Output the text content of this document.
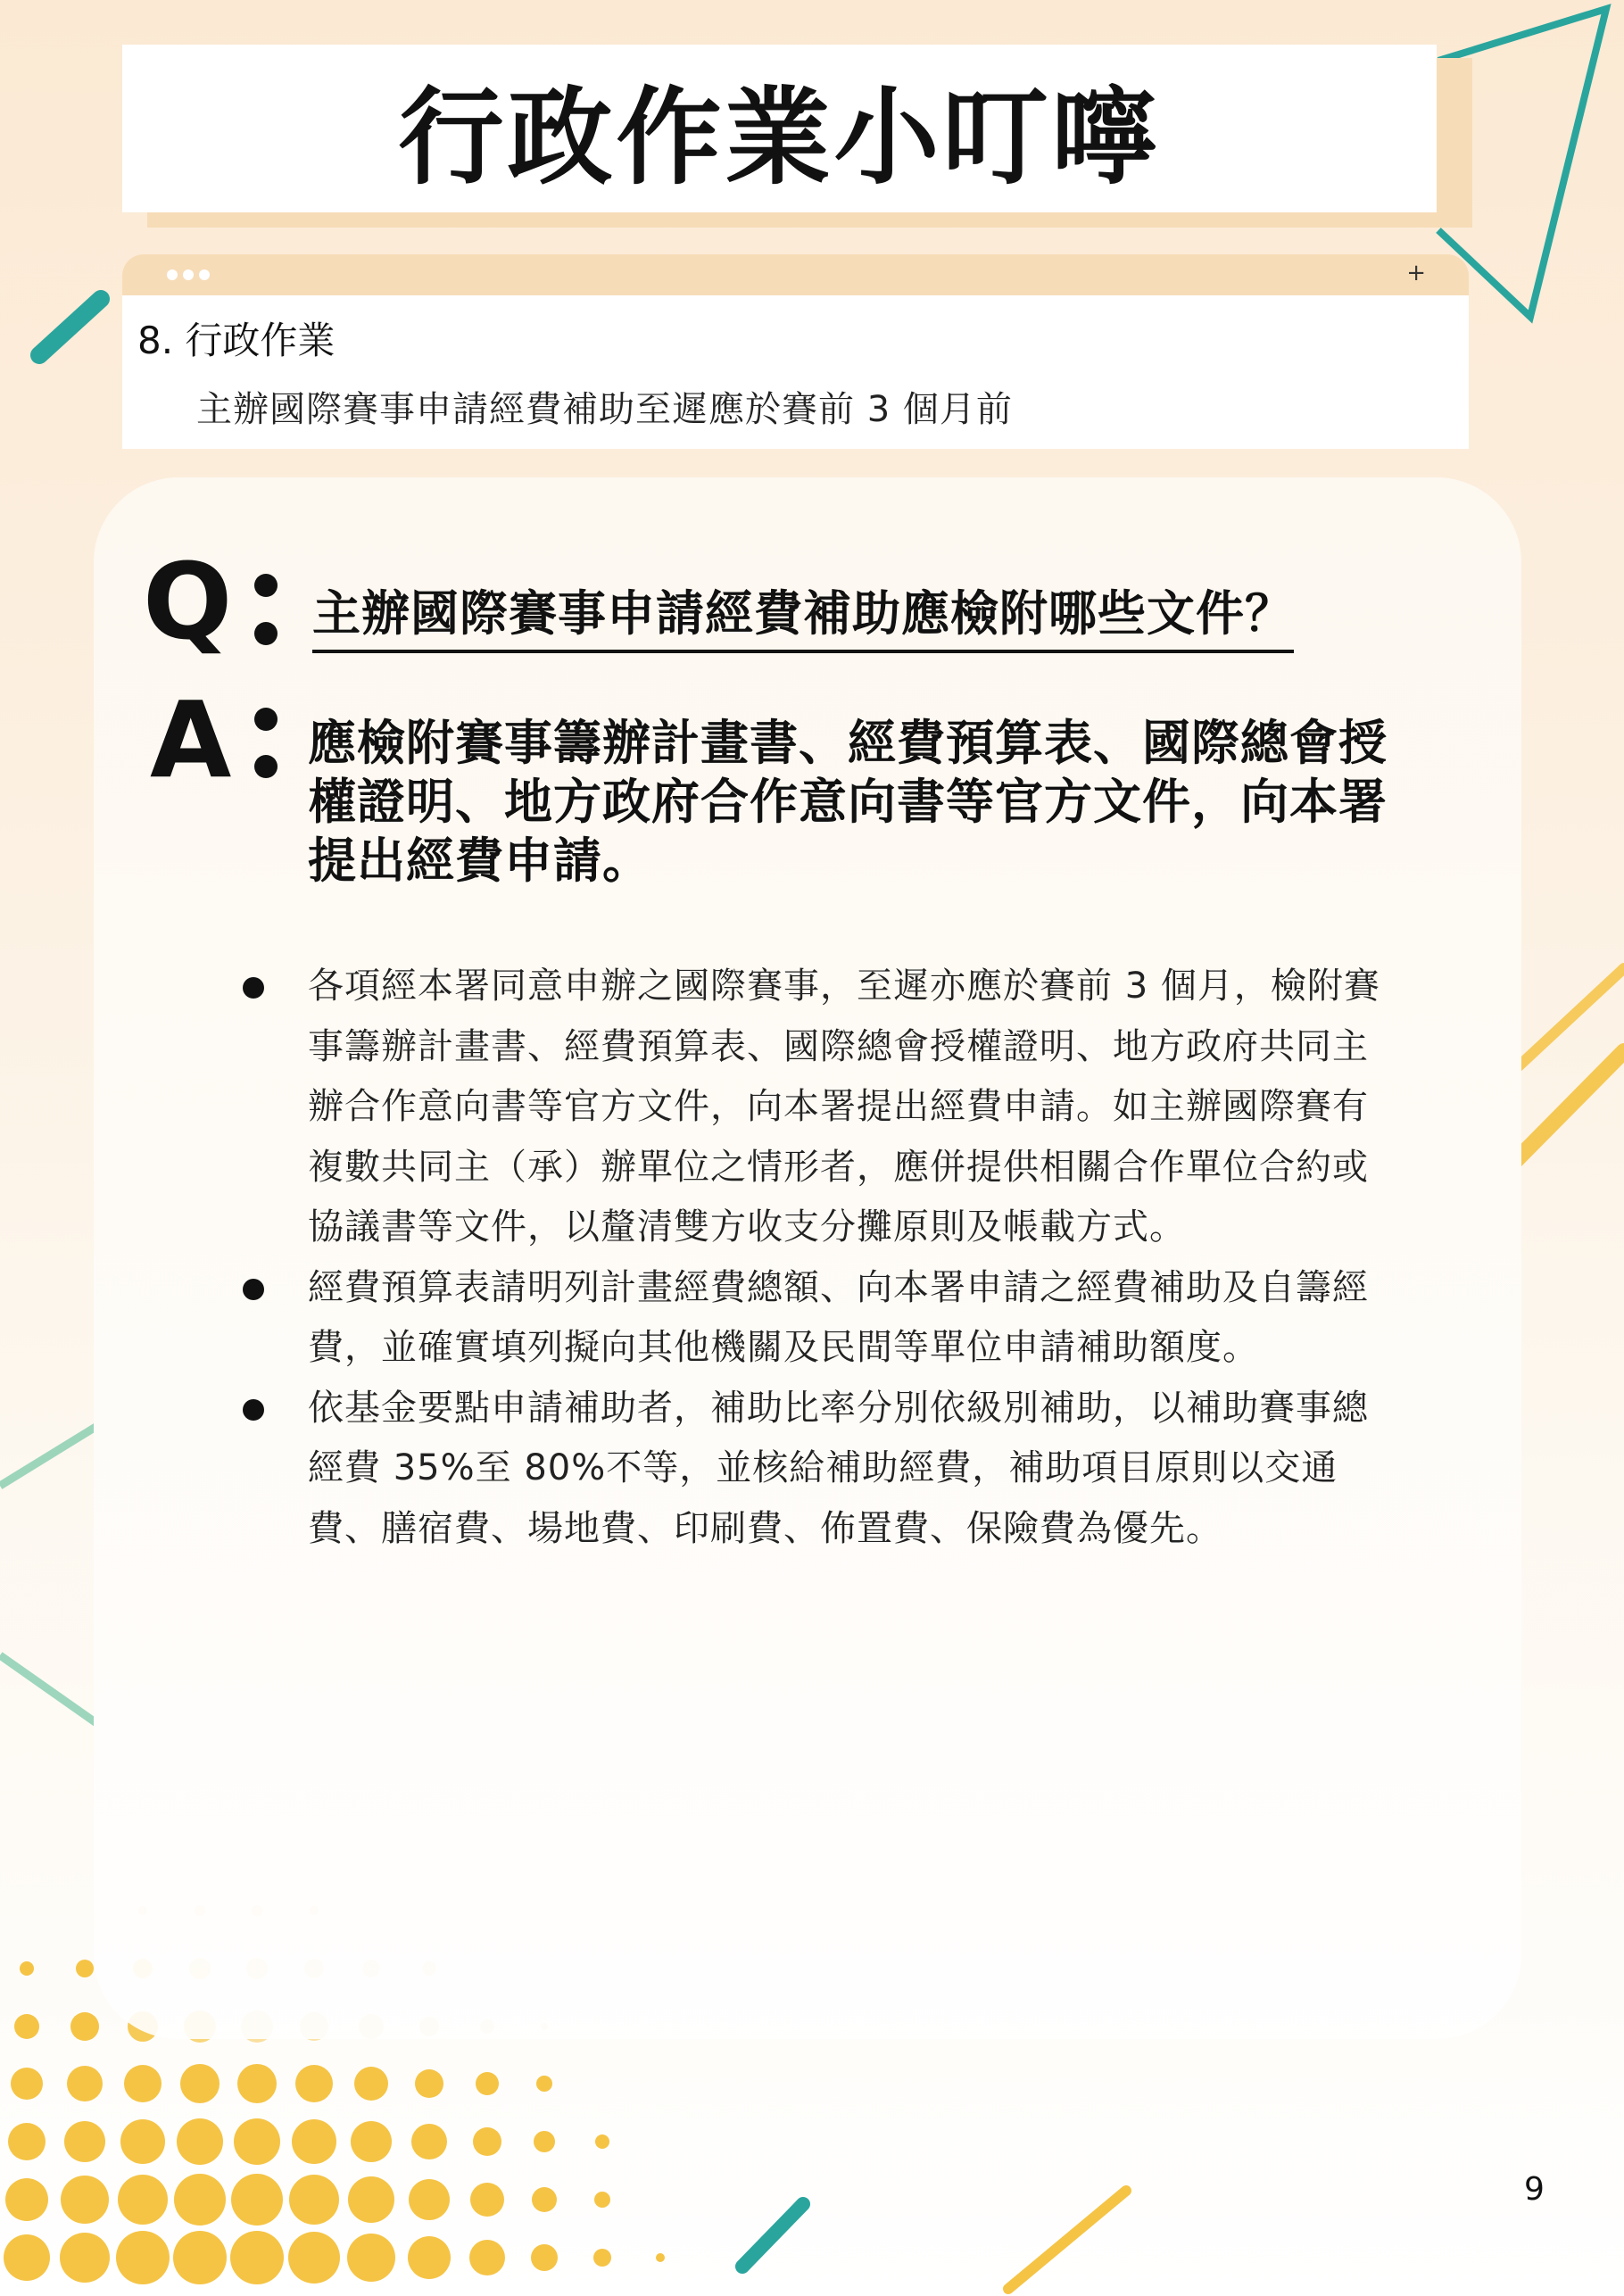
行政作業小叮嚀
+
8. 行政作業
主辦國際賽事申請經費補助至遲應於賽前 3 個月前
Q 主辦國際賽事申請經費補助應檢附哪些文件？
A 應檢附賽事籌辦計畫書、經費預算表、國際總會授權證明、地方政府合作意向書等官方文件，向本署提出經費申請。
各項經本署同意申辦之國際賽事，至遲亦應於賽前 3 個月，檢附賽事籌辦計畫書、經費預算表、國際總會授權證明、地方政府共同主辦合作意向書等官方文件，向本署提出經費申請。如主辦國際賽有複數共同主（承）辦單位之情形者，應併提供相關合作單位合約或協議書等文件，以釐清雙方收支分攤原則及帳載方式。
經費預算表請明列計畫經費總額、向本署申請之經費補助及自籌經費，並確實填列擬向其他機關及民間等單位申請補助額度。
依基金要點申請補助者，補助比率分別依級別補助，以補助賽事總經費 35%至 80%不等，並核給補助經費，補助項目原則以交通費、膳宿費、場地費、印刷費、佈置費、保險費為優先。
9
